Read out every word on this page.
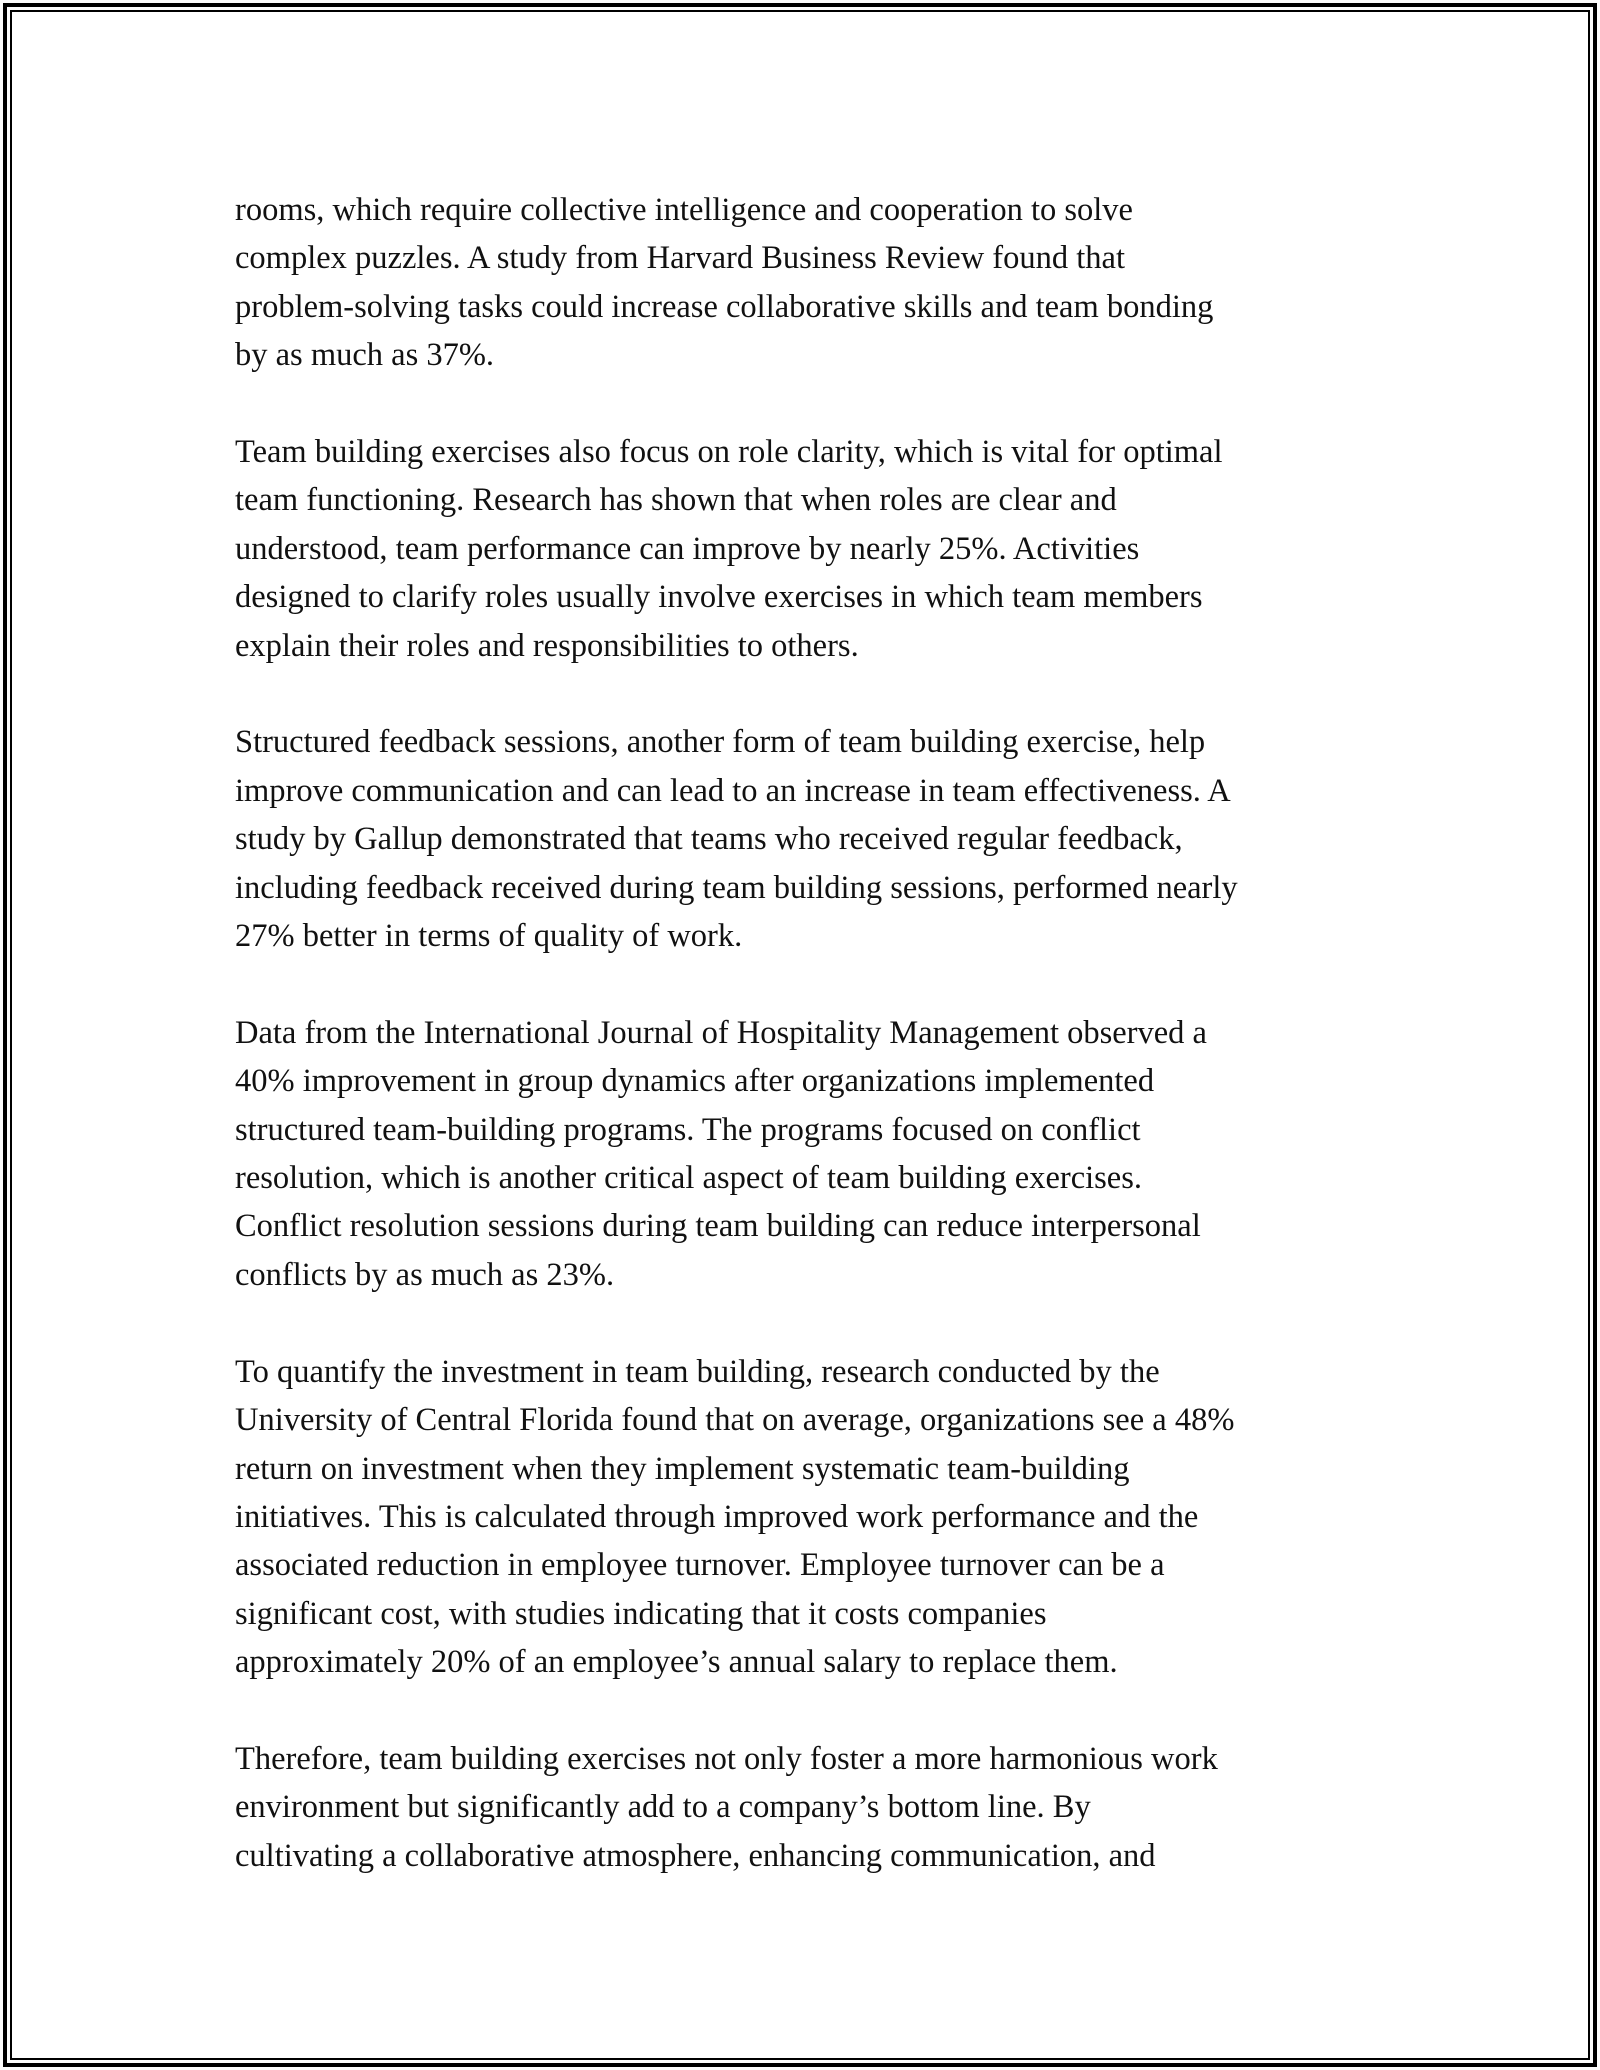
rooms, which require collective intelligence and cooperation to solve
complex puzzles. A study from Harvard Business Review found that
problem-solving tasks could increase collaborative skills and team bonding
by as much as 37%.
Team building exercises also focus on role clarity, which is vital for optimal
team functioning. Research has shown that when roles are clear and
understood, team performance can improve by nearly 25%. Activities
designed to clarify roles usually involve exercises in which team members
explain their roles and responsibilities to others.
Structured feedback sessions, another form of team building exercise, help
improve communication and can lead to an increase in team effectiveness. A
study by Gallup demonstrated that teams who received regular feedback,
including feedback received during team building sessions, performed nearly
27% better in terms of quality of work.
Data from the International Journal of Hospitality Management observed a
40% improvement in group dynamics after organizations implemented
structured team-building programs. The programs focused on conflict
resolution, which is another critical aspect of team building exercises.
Conflict resolution sessions during team building can reduce interpersonal
conflicts by as much as 23%.
To quantify the investment in team building, research conducted by the
University of Central Florida found that on average, organizations see a 48%
return on investment when they implement systematic team-building
initiatives. This is calculated through improved work performance and the
associated reduction in employee turnover. Employee turnover can be a
significant cost, with studies indicating that it costs companies
approximately 20% of an employee’s annual salary to replace them.
Therefore, team building exercises not only foster a more harmonious work
environment but significantly add to a company’s bottom line. By
cultivating a collaborative atmosphere, enhancing communication, and
